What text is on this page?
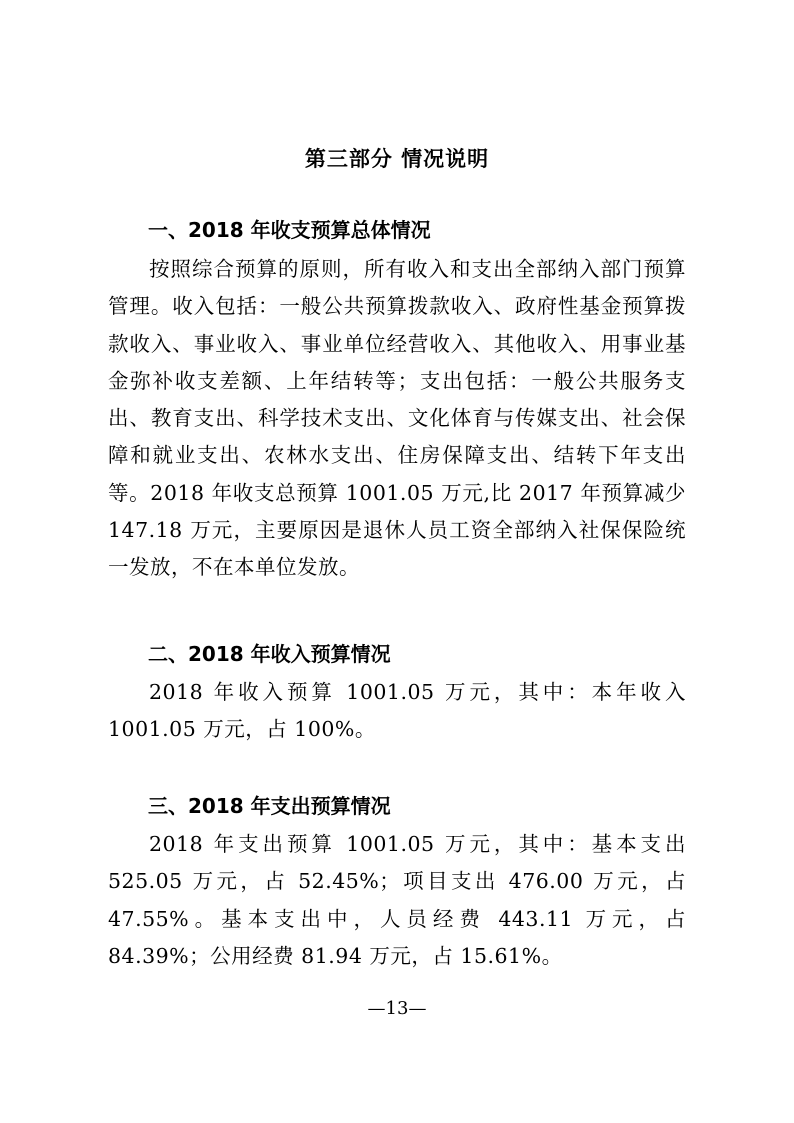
第三部分 情况说明
一、2018 年收支预算总体情况

按照综合预算的原则，所有收入和支出全部纳入部门预算管理。收入包括：一般公共预算拨款收入、政府性基金预算拨款收入、事业收入、事业单位经营收入、其他收入、用事业基金弥补收支差额、上年结转等；支出包括：一般公共服务支出、教育支出、科学技术支出、文化体育与传媒支出、社会保障和就业支出、农林水支出、住房保障支出、结转下年支出等。2018 年收支总预算 1001.05 万元,比 2017 年预算减少 147.18 万元，主要原因是退休人员工资全部纳入社保保险统一发放，不在本单位发放。

二、2018 年收入预算情况

2018 年收入预算 1001.05 万元，其中：本年收入 1001.05 万元，占 100%。

三、2018 年支出预算情况

2018 年支出预算 1001.05 万元，其中：基本支出 525.05 万元，占 52.45%；项目支出 476.00 万元，占 47.55%。基本支出中，人员经费 443.11 万元，占 84.39%；公用经费 81.94 万元，占 15.61%。

—13—
